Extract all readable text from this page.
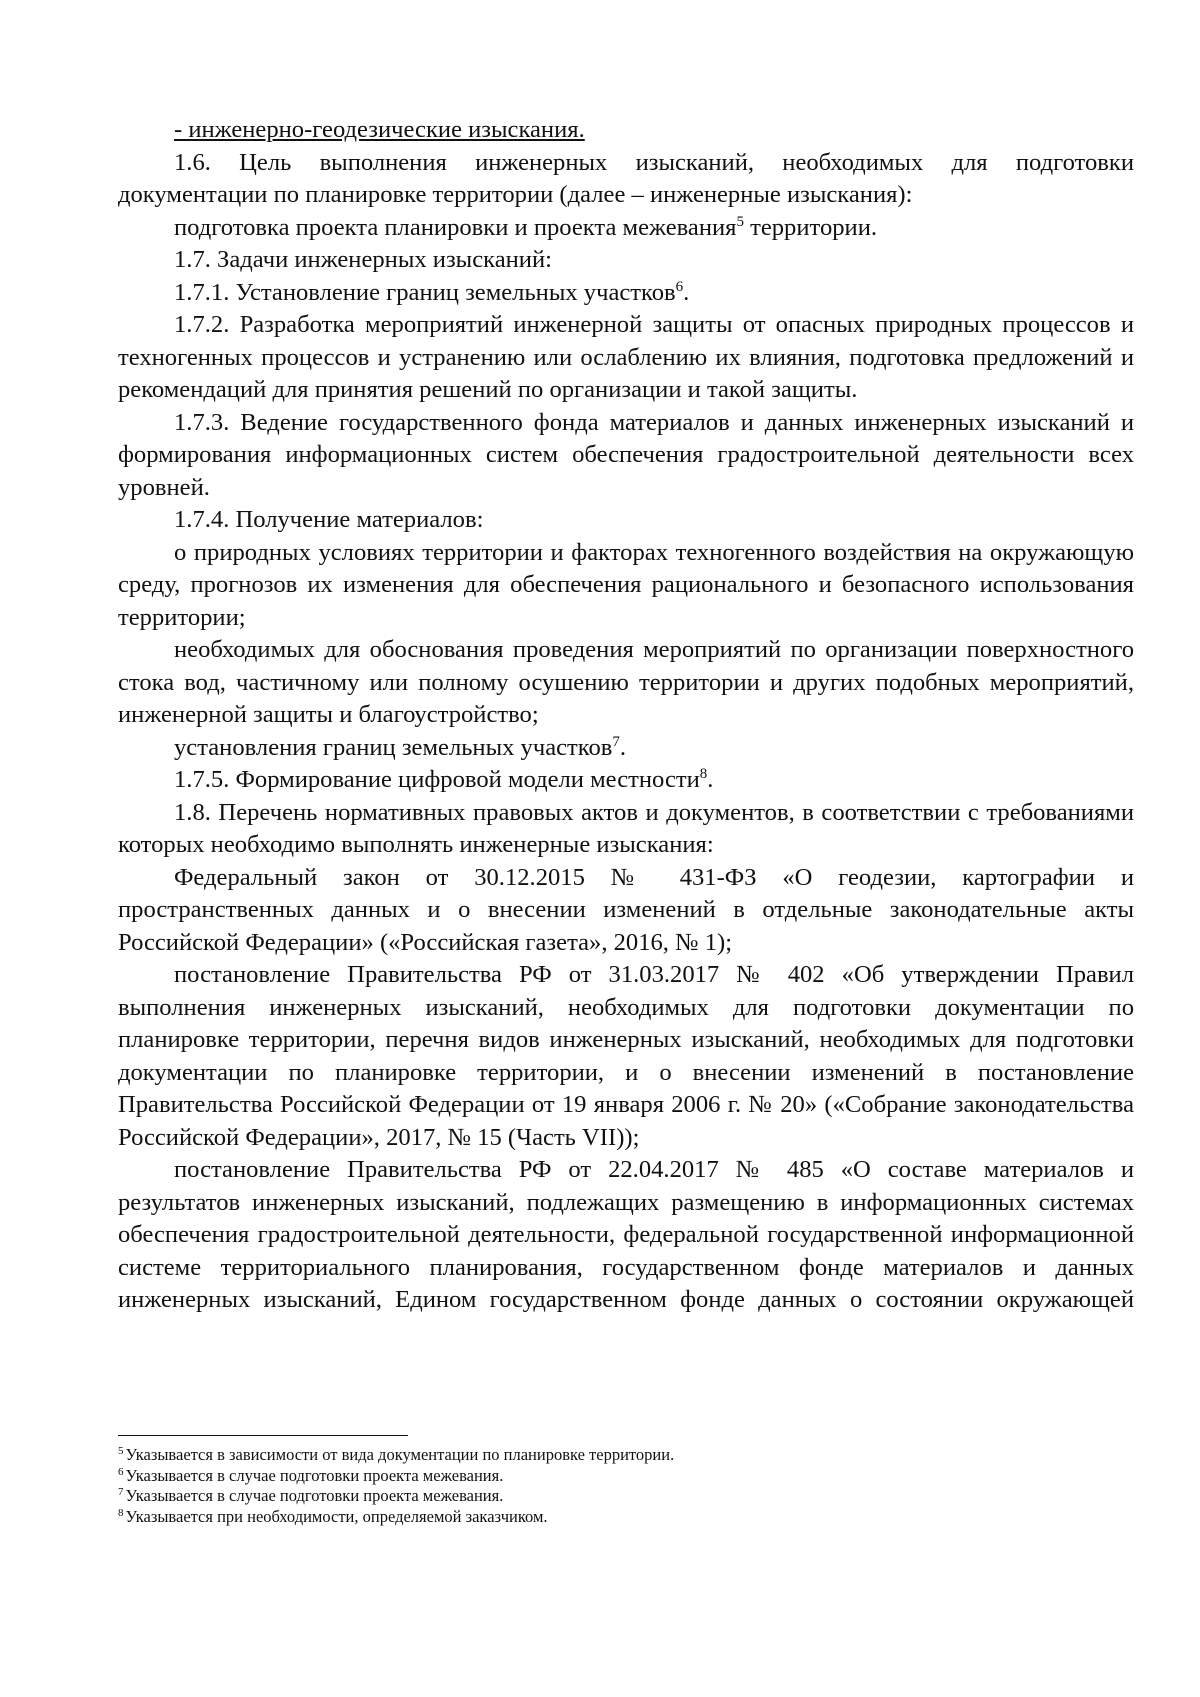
- инженерно-геодезические изыскания.

1.6. Цель выполнения инженерных изысканий, необходимых для подготовки документации по планировке территории (далее – инженерные изыскания):

подготовка проекта планировки и проекта межевания$^5$ территории.

1.7. Задачи инженерных изысканий:

1.7.1. Установление границ земельных участков$^6$.

1.7.2. Разработка мероприятий инженерной защиты от опасных природных процессов и техногенных процессов и устранению или ослаблению их влияния, подготовка предложений и рекомендаций для принятия решений по организации и такой защиты.

1.7.3. Ведение государственного фонда материалов и данных инженерных изысканий и формирования информационных систем обеспечения градостроительной деятельности всех уровней.

1.7.4. Получение материалов:

о природных условиях территории и факторах техногенного воздействия на окружающую среду, прогнозов их изменения для обеспечения рационального и безопасного использования территории;

необходимых для обоснования проведения мероприятий по организации поверхностного стока вод, частичному или полному осушению территории и других подобных мероприятий, инженерной защиты и благоустройство;

установления границ земельных участков$^7$.

1.7.5. Формирование цифровой модели местности$^8$.

1.8. Перечень нормативных правовых актов и документов, в соответствии с требованиями которых необходимо выполнять инженерные изыскания:

Федеральный закон от 30.12.2015 № 431-ФЗ «О геодезии, картографии и пространственных данных и о внесении изменений в отдельные законодательные акты Российской Федерации» («Российская газета», 2016, № 1);

постановление Правительства РФ от 31.03.2017 № 402 «Об утверждении Правил выполнения инженерных изысканий, необходимых для подготовки документации по планировке территории, перечня видов инженерных изысканий, необходимых для подготовки документации по планировке территории, и о внесении изменений в постановление Правительства Российской Федерации от 19 января 2006 г. № 20» («Собрание законодательства Российской Федерации», 2017, № 15 (Часть VII));

постановление Правительства РФ от 22.04.2017 № 485 «О составе материалов и результатов инженерных изысканий, подлежащих размещению в информационных системах обеспечения градостроительной деятельности, федеральной государственной информационной системе территориального планирования, государственном фонде материалов и данных инженерных изысканий, Едином государственном фонде данных о состоянии окружающей

$^5$ Указывается в зависимости от вида документации по планировке территории.

$^6$ Указывается в случае подготовки проекта межевания.

$^7$ Указывается в случае подготовки проекта межевания.

$^8$ Указывается при необходимости, определяемой заказчиком.
